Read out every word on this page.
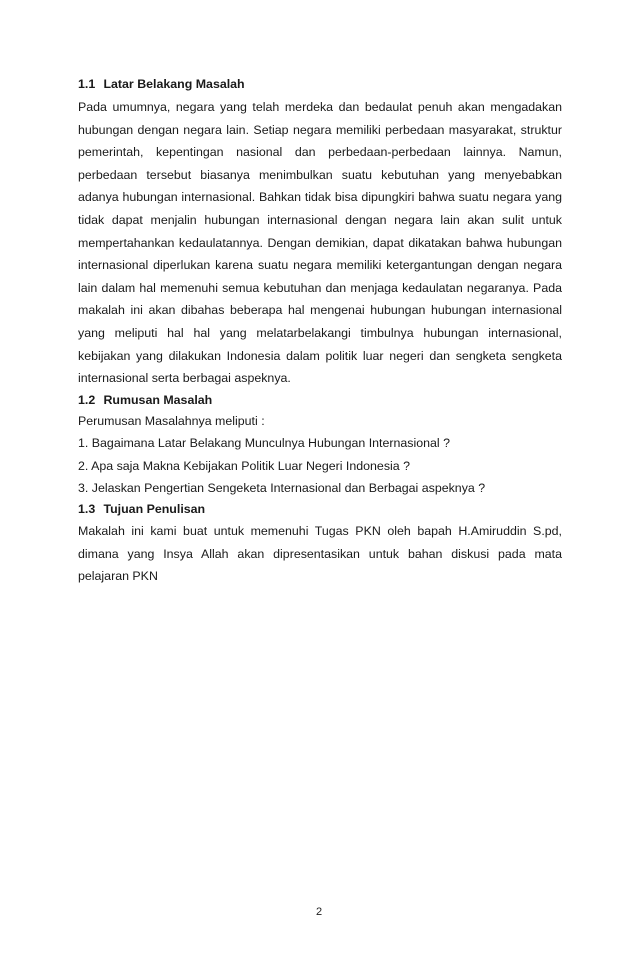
1.1 Latar Belakang Masalah
Pada umumnya, negara yang telah merdeka dan bedaulat penuh akan mengadakan hubungan dengan negara lain. Setiap negara memiliki perbedaan masyarakat, struktur pemerintah, kepentingan nasional dan perbedaan-perbedaan lainnya. Namun, perbedaan tersebut biasanya menimbulkan suatu kebutuhan yang menyebabkan adanya hubungan internasional. Bahkan tidak bisa dipungkiri bahwa suatu negara yang tidak dapat menjalin hubungan internasional dengan negara lain akan sulit untuk mempertahankan kedaulatannya. Dengan demikian, dapat dikatakan bahwa hubungan internasional diperlukan karena suatu negara memiliki ketergantungan dengan negara lain dalam hal memenuhi semua kebutuhan dan menjaga kedaulatan negaranya. Pada makalah ini akan dibahas beberapa hal mengenai hubungan hubungan internasional yang meliputi hal hal yang melatarbelakangi timbulnya hubungan internasional, kebijakan yang dilakukan Indonesia dalam politik luar negeri dan sengketa sengketa internasional serta berbagai aspeknya.
1.2 Rumusan Masalah
Perumusan Masalahnya meliputi :
1. Bagaimana Latar Belakang Munculnya Hubungan Internasional ?
2. Apa saja Makna Kebijakan Politik Luar Negeri Indonesia ?
3. Jelaskan Pengertian Sengeketa Internasional dan Berbagai aspeknya ?
1.3 Tujuan Penulisan
Makalah ini kami buat untuk memenuhi Tugas PKN oleh bapah H.Amiruddin S.pd, dimana yang Insya Allah akan dipresentasikan untuk bahan diskusi pada mata pelajaran PKN
2
